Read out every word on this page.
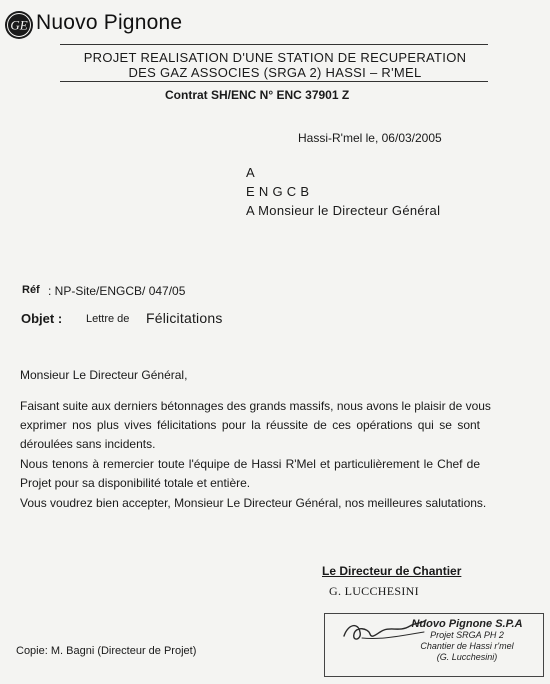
GE Nuovo Pignone
PROJET REALISATION D'UNE STATION DE RECUPERATION
DES GAZ ASSOCIES (SRGA 2) HASSI – R'MEL
Contrat SH/ENC N° ENC 37901 Z
Hassi-R'mel le, 06/03/2005
A
E N G C B
A Monsieur le Directeur Général
Réf : NP-Site/ENGCB/ 047/05
Objet : Lettre de Félicitations
Monsieur Le Directeur Général,
Faisant suite aux derniers bétonnages des grands massifs, nous avons le plaisir de vous
exprimer nos plus vives félicitations pour la réussite de ces opérations qui se sont
déroulées sans incidents.
Nous tenons à remercier toute l'équipe de Hassi R'Mel et particulièrement le Chef de
Projet pour sa disponibilité totale et entière.
Vous voudrez bien accepter, Monsieur Le Directeur Général, nos meilleures salutations.
Le Directeur de Chantier
G. LUCCHESINI
Nuovo Pignone S.P.A
Projet SRGA PH 2
Chantier de Hassi r'mel
(G. Lucchesini)
Copie: M. Bagni (Directeur de Projet)
